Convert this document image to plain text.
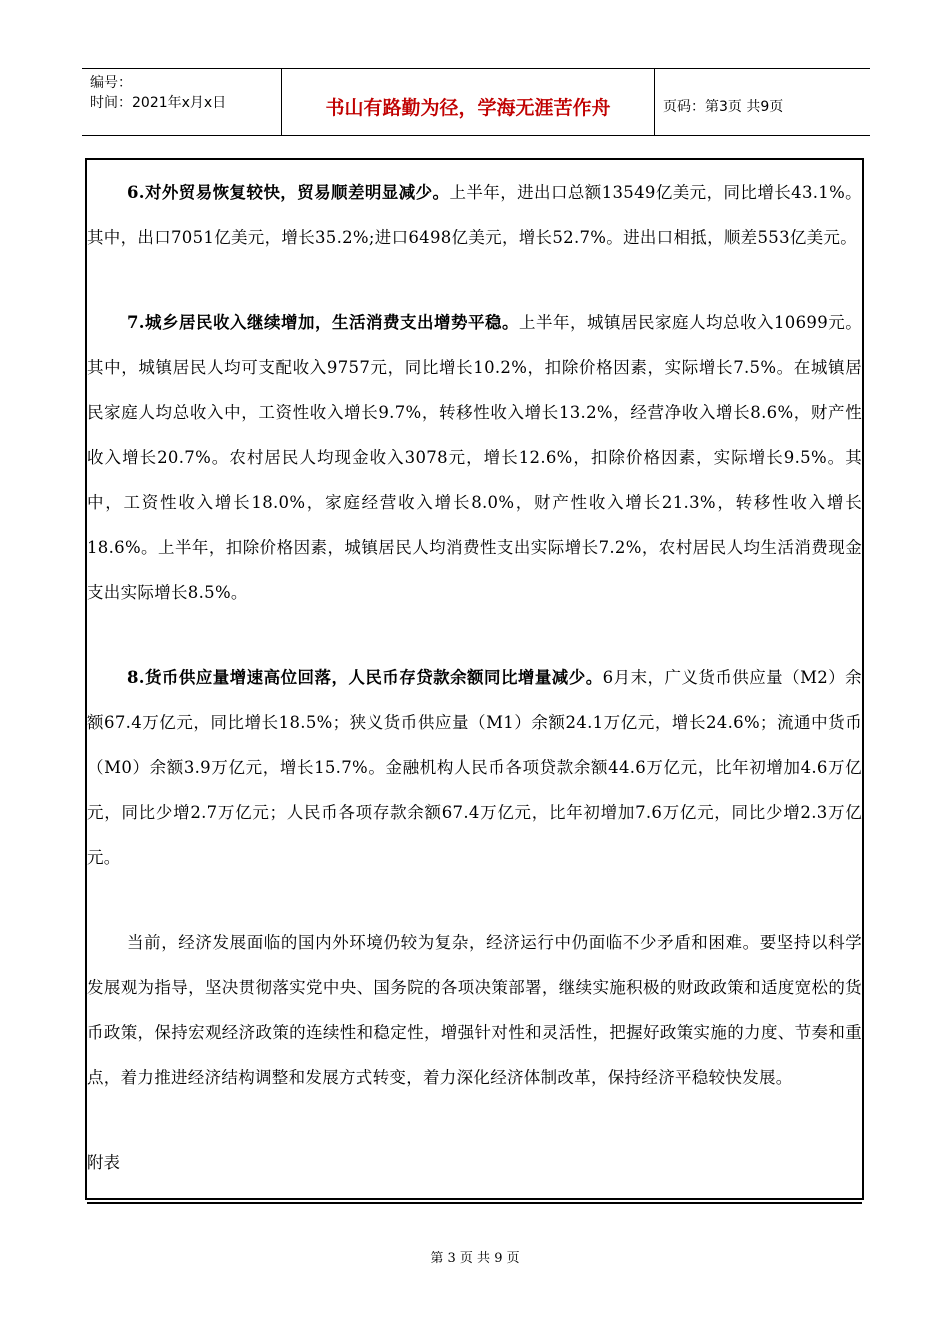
编号：
时间：2021年x月x日	书山有路勤为径，学海无涯苦作舟	页码：第3页 共9页

6.对外贸易恢复较快，贸易顺差明显减少。上半年，进出口总额13549亿美元，同比增长43.1%。其中，出口7051亿美元，增长35.2%;进口6498亿美元，增长52.7%。进出口相抵，顺差553亿美元。

7.城乡居民收入继续增加，生活消费支出增势平稳。上半年，城镇居民家庭人均总收入10699元。其中，城镇居民人均可支配收入9757元，同比增长10.2%，扣除价格因素，实际增长7.5%。在城镇居民家庭人均总收入中，工资性收入增长9.7%，转移性收入增长13.2%，经营净收入增长8.6%，财产性收入增长20.7%。农村居民人均现金收入3078元，增长12.6%，扣除价格因素，实际增长9.5%。其中，工资性收入增长18.0%，家庭经营收入增长8.0%，财产性收入增长21.3%，转移性收入增长18.6%。上半年，扣除价格因素，城镇居民人均消费性支出实际增长7.2%，农村居民人均生活消费现金支出实际增长8.5%。

8.货币供应量增速高位回落，人民币存贷款余额同比增量减少。6月末，广义货币供应量（M2）余额67.4万亿元，同比增长18.5%；狭义货币供应量（M1）余额24.1万亿元，增长24.6%；流通中货币（M0）余额3.9万亿元，增长15.7%。金融机构人民币各项贷款余额44.6万亿元，比年初增加4.6万亿元，同比少增2.7万亿元；人民币各项存款余额67.4万亿元，比年初增加7.6万亿元，同比少增2.3万亿元。

当前，经济发展面临的国内外环境仍较为复杂，经济运行中仍面临不少矛盾和困难。要坚持以科学发展观为指导，坚决贯彻落实党中央、国务院的各项决策部署，继续实施积极的财政政策和适度宽松的货币政策，保持宏观经济政策的连续性和稳定性，增强针对性和灵活性，把握好政策实施的力度、节奏和重点，着力推进经济结构调整和发展方式转变，着力深化经济体制改革，保持经济平稳较快发展。

附表
第 3 页 共 9 页
